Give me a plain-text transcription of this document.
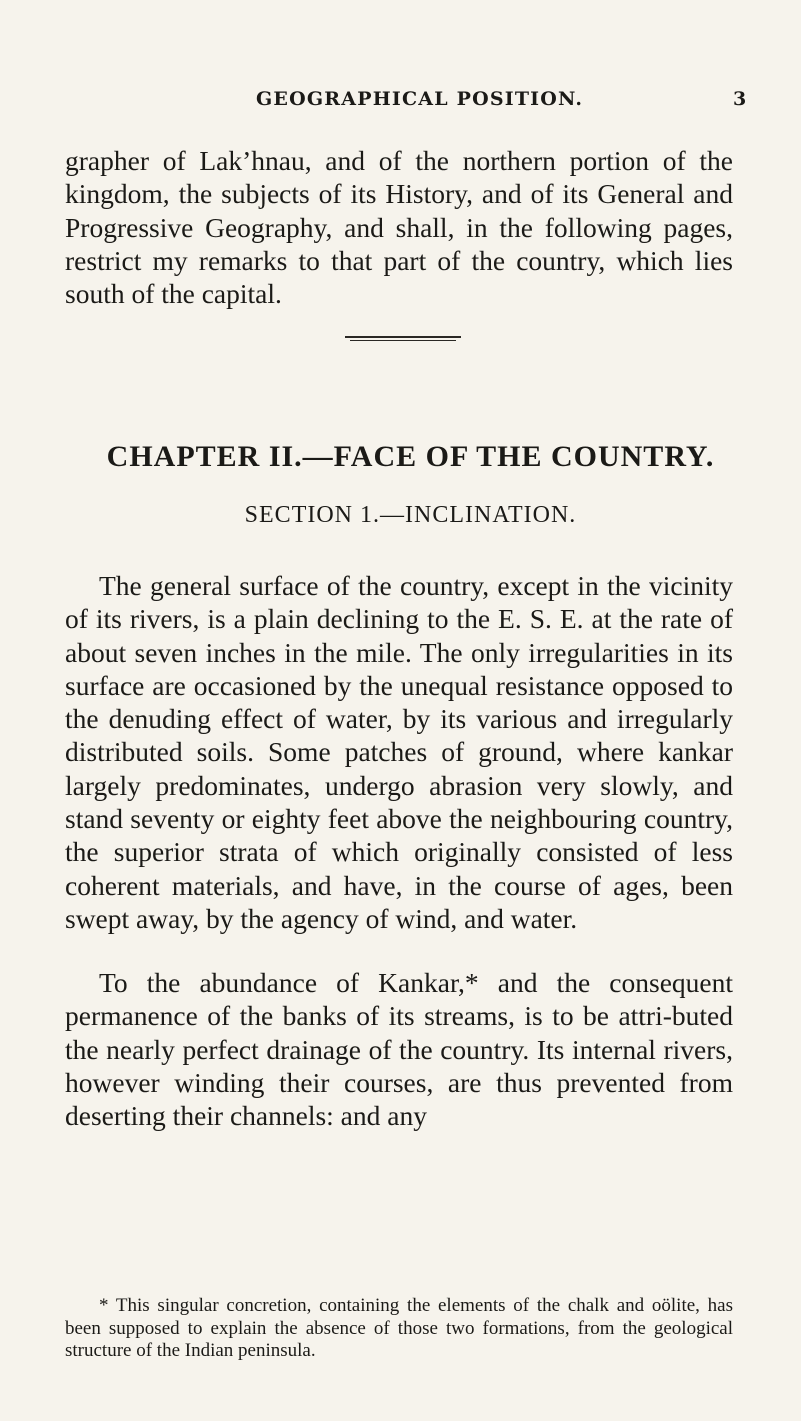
GEOGRAPHICAL POSITION.	3

grapher of Lak’hnau, and of the northern portion of the kingdom, the subjects of its History, and of its General and Progressive Geography, and shall, in the following pages, restrict my remarks to that part of the country, which lies south of the capital.

CHAPTER II.—FACE OF THE COUNTRY.
SECTION 1.—INCLINATION.

The general surface of the country, except in the vicinity of its rivers, is a plain declining to the E. S. E. at the rate of about seven inches in the mile. The only irregularities in its surface are occasioned by the unequal resistance opposed to the denuding effect of water, by its various and irregularly distributed soils. Some patches of ground, where kankar largely predominates, undergo abrasion very slowly, and stand seventy or eighty feet above the neighbouring country, the superior strata of which originally consisted of less coherent materials, and have, in the course of ages, been swept away, by the agency of wind, and water.

To the abundance of Kankar,* and the consequent permanence of the banks of its streams, is to be attri-buted the nearly perfect drainage of the country. Its internal rivers, however winding their courses, are thus prevented from deserting their channels: and any

* This singular concretion, containing the elements of the chalk and oölite, has been supposed to explain the absence of those two formations, from the geological structure of the Indian peninsula.
